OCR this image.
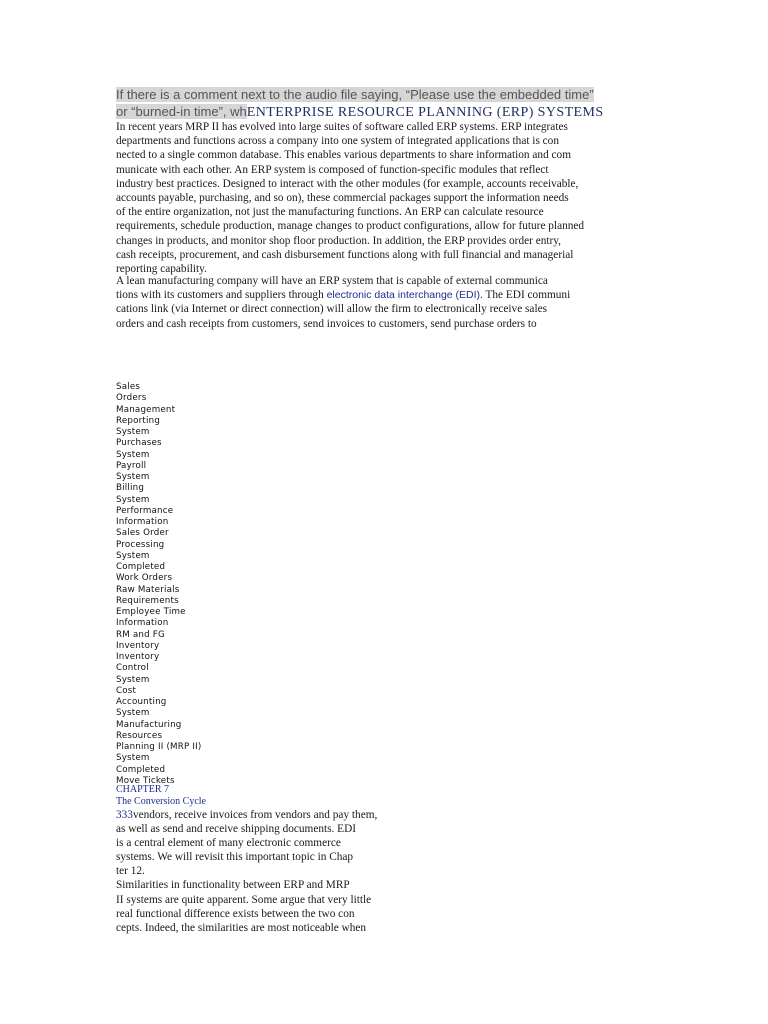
If there is a comment next to the audio file saying, “Please use the embedded time”
or “burned-in time”, whENTERPRISE RESOURCE PLANNING (ERP) SYSTEMS
In recent years MRP II has evolved into large suites of software called ERP systems. ERP integrates
departments and functions across a company into one system of integrated applications that is con
nected to a single common database. This enables various departments to share information and com
municate with each other. An ERP system is composed of function-specific modules that reflect
industry best practices. Designed to interact with the other modules (for example, accounts receivable,
accounts payable, purchasing, and so on), these commercial packages support the information needs
of the entire organization, not just the manufacturing functions. An ERP can calculate resource
requirements, schedule production, manage changes to product configurations, allow for future planned
changes in products, and monitor shop floor production. In addition, the ERP provides order entry,
cash receipts, procurement, and cash disbursement functions along with full financial and managerial
reporting capability.
A lean manufacturing company will have an ERP system that is capable of external communica
tions with its customers and suppliers through electronic data interchange (EDI). The EDI communi
cations link (via Internet or direct connection) will allow the firm to electronically receive sales
orders and cash receipts from customers, send invoices to customers, send purchase orders to
Sales
Orders
Management
Reporting
System
Purchases
System
Payroll
System
Billing
System
Performance
Information
Sales Order
Processing
System
Completed
Work Orders
Raw Materials
Requirements
Employee Time
Information
RM and FG
Inventory
Inventory
Control
System
Cost
Accounting
System
Manufacturing
Resources
Planning II (MRP II)
System
Completed
Move Tickets
CHAPTER 7
The Conversion Cycle
333vendors, receive invoices from vendors and pay them,
as well as send and receive shipping documents. EDI
is a central element of many electronic commerce
systems. We will revisit this important topic in Chap
ter 12.
Similarities in functionality between ERP and MRP
II systems are quite apparent. Some argue that very little
real functional difference exists between the two con
cepts. Indeed, the similarities are most noticeable when
